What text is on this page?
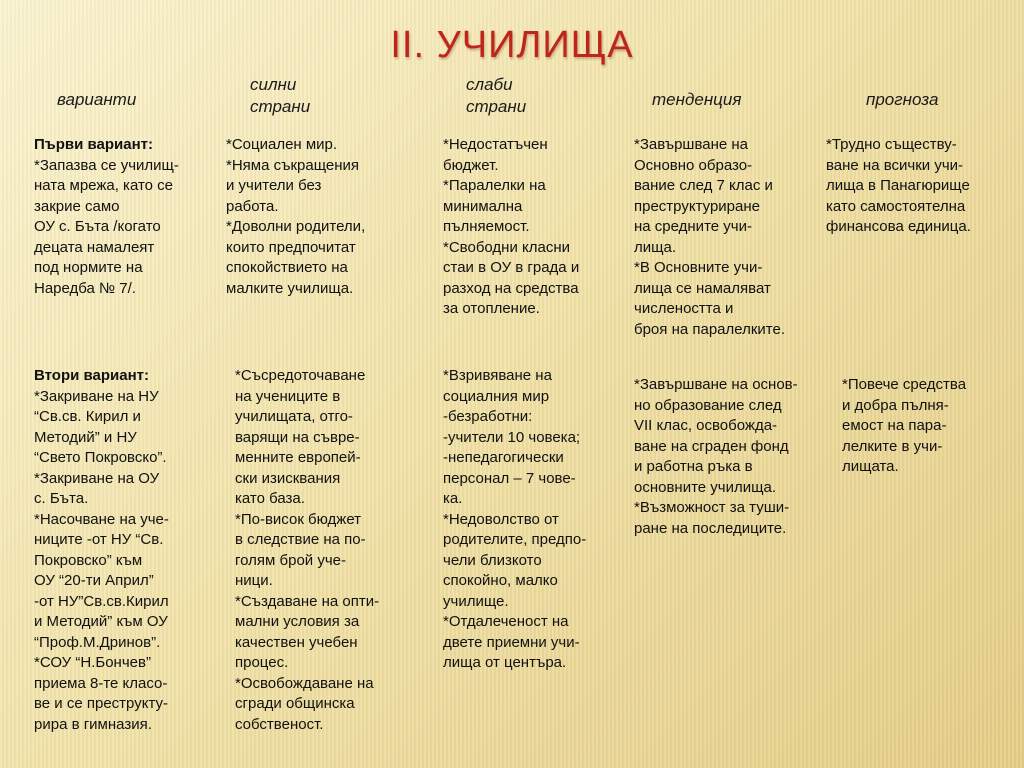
II. УЧИЛИЩА
варианти
силни
страни
слаби
страни	тенденция	прогноза
Първи вариант:
*Запазва се училищ-
ната мрежа, като се
закрие само
ОУ с. Бъта /когато
децата намалеят
под нормите на
Наредба № 7/.
*Социален мир.
*Няма съкращения
и учители без
работа.
*Доволни родители,
които предпочитат
спокойствието на
малките училища.
*Недостатъчен
бюджет.
*Паралелки на
минимална
пълняемост.
*Свободни класни
стаи в ОУ в града и
разход на средства
за отопление.
*Завършване на
Основно образо-
вание след 7 клас и
преструктуриране
на средните учи-
лища.
*В Основните учи-
лища се намаляват
числеността и
броя на паралелките.
*Трудно съществу-
ване на всички учи-
лища в Панагюрище
като самостоятелна
финансова единица.
Втори вариант:
*Закриване на НУ
“Св.св. Кирил и
Методий” и НУ
“Свето Покровско”.
*Закриване на ОУ
с. Бъта.
*Насочване на уче-
ниците -от НУ “Св.
Покровско” към
ОУ “20-ти Април”
-от НУ”Св.св.Кирил
и Методий” към ОУ
“Проф.М.Дринов”.
*СОУ “Н.Бончев”
приема 8-те класо-
ве и се преструкту-
рира в гимназия.
*Съсредоточаване
на учениците в
училищата, отго-
варящи на съвре-
менните европей-
ски изисквания
като база.
*По-висок бюджет
в следствие на по-
голям брой уче-
ници.
*Създаване на опти-
мални условия за
качествен учебен
процес.
*Освобождаване на
сгради общинска
собственост.
*Взривяване на
социалния мир
-безработни:
-учители 10 човека;
-непедагогически
персонал – 7 чове-
ка.
*Недоволство от
родителите, предпо-
чели близкото
спокойно, малко
училище.
*Отдалеченост на
двете приемни учи-
лища от центъра.
*Завършване на основ-
но образование след
VII клас, освобожда-
ване на сграден фонд
и работна ръка в
основните училища.
*Възможност за туши-
ране на последиците.
*Повече средства
и добра пълня-
емост на пара-
лелките в учи-
лищата.
